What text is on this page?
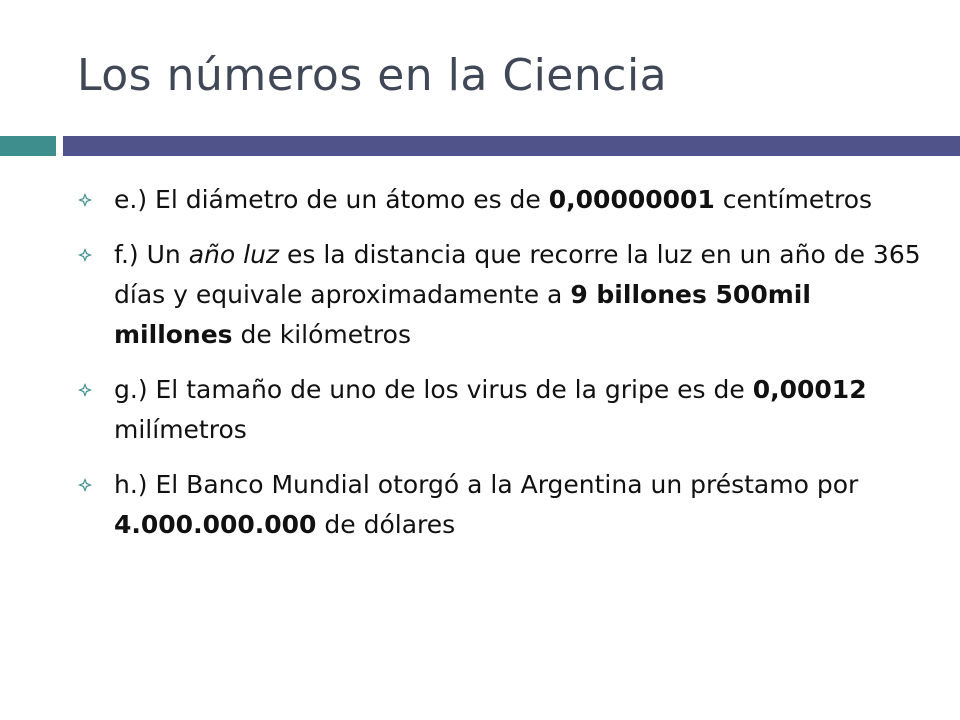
Los números en la Ciencia
e.) El diámetro de un átomo es de 0,00000001 centímetros
f.) Un año luz es la distancia que recorre la luz en un año de 365 días y equivale aproximadamente a 9 billones 500mil millones de kilómetros
g.) El tamaño de uno de los virus de la gripe es de 0,00012 milímetros
h.) El Banco Mundial otorgó a la Argentina un préstamo por 4.000.000.000 de dólares
